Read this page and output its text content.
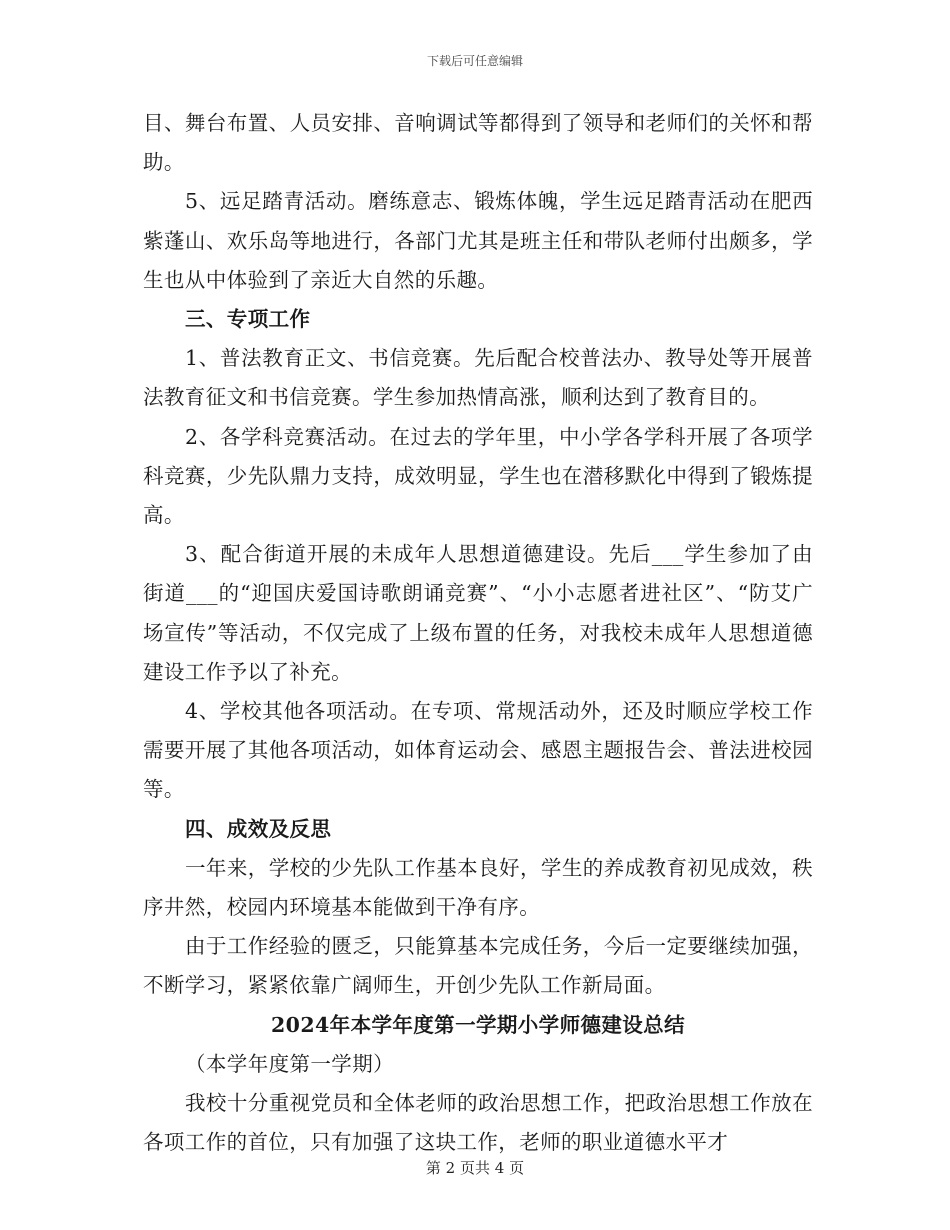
下载后可任意编辑

目、舞台布置、人员安排、音响调试等都得到了领导和老师们的关怀和帮助。

5、远足踏青活动。磨练意志、锻炼体魄，学生远足踏青活动在肥西紫蓬山、欢乐岛等地进行，各部门尤其是班主任和带队老师付出颇多，学生也从中体验到了亲近大自然的乐趣。

三、专项工作

1、普法教育正文、书信竞赛。先后配合校普法办、教导处等开展普法教育征文和书信竞赛。学生参加热情高涨，顺利达到了教育目的。

2、各学科竞赛活动。在过去的学年里，中小学各学科开展了各项学科竞赛，少先队鼎力支持，成效明显，学生也在潜移默化中得到了锻炼提高。

3、配合街道开展的未成年人思想道德建设。先后___学生参加了由街道___的“迎国庆爱国诗歌朗诵竞赛”、“小小志愿者进社区”、“防艾广场宣传”等活动，不仅完成了上级布置的任务，对我校未成年人思想道德建设工作予以了补充。

4、学校其他各项活动。在专项、常规活动外，还及时顺应学校工作需要开展了其他各项活动，如体育运动会、感恩主题报告会、普法进校园等。

四、成效及反思

一年来，学校的少先队工作基本良好，学生的养成教育初见成效，秩序井然，校园内环境基本能做到干净有序。

由于工作经验的匮乏，只能算基本完成任务，今后一定要继续加强，不断学习，紧紧依靠广阔师生，开创少先队工作新局面。

2024年本学年度第一学期小学师德建设总结

（本学年度第一学期）

我校十分重视党员和全体老师的政治思想工作，把政治思想工作放在各项工作的首位，只有加强了这块工作，老师的职业道德水平才

第 2 页共 4 页
